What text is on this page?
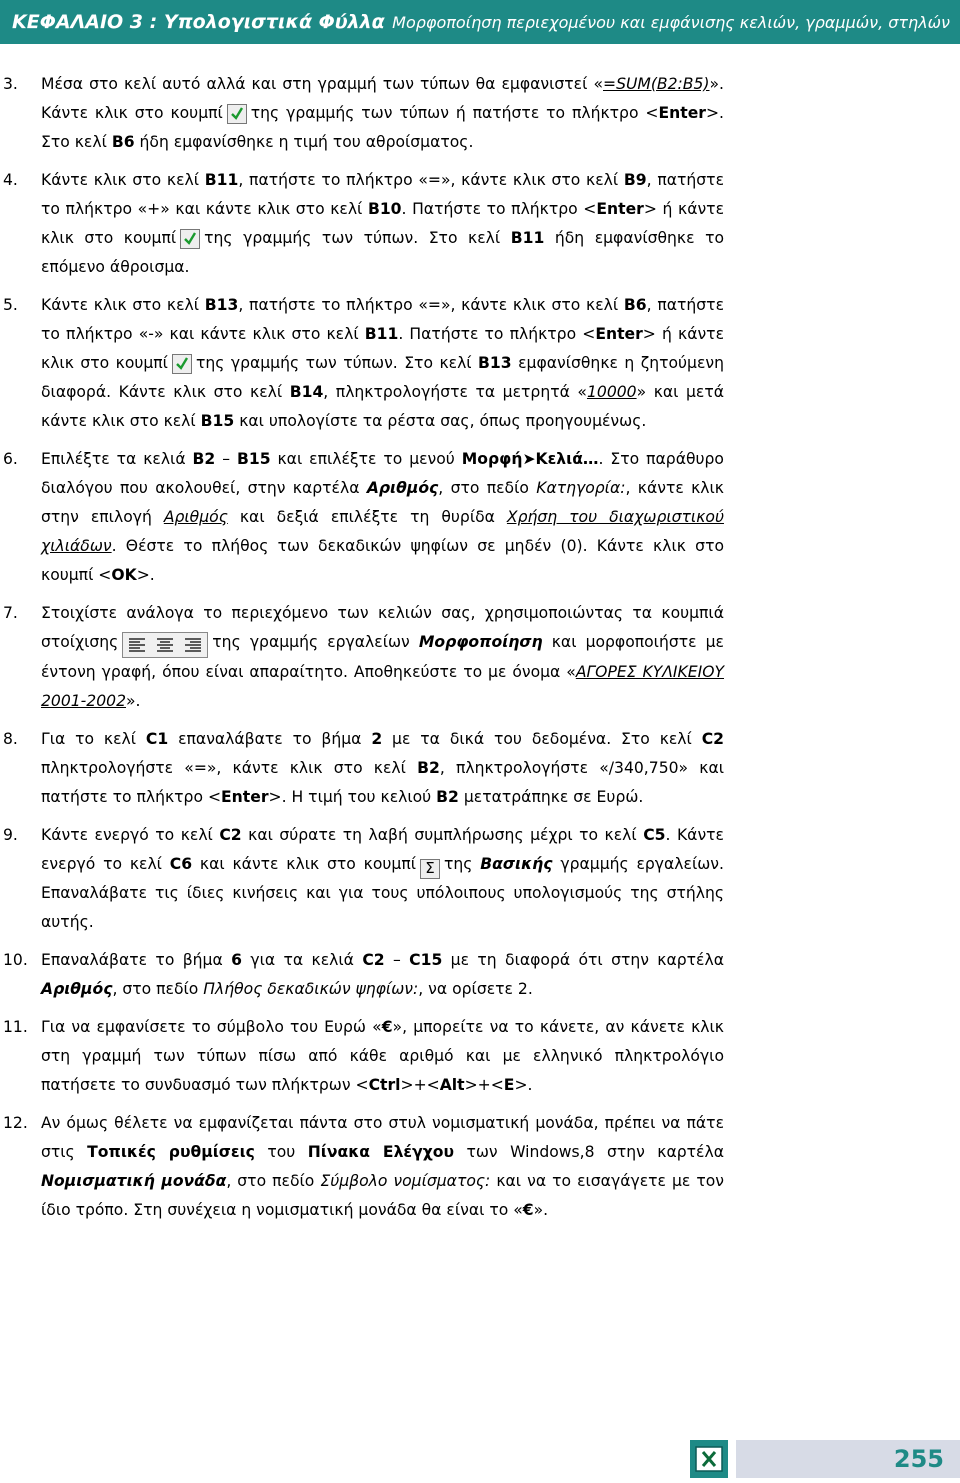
ΚΕΦΑΛΑΙΟ 3 : Υπολογιστικά Φύλλα Μορφοποίηση περιεχομένου και εμφάνισης κελιών, γραμμών, στηλών
3. Μέσα στο κελί αυτό αλλά και στη γραμμή των τύπων θα εμφανιστεί «=SUM(B2:B5)». Κάντε κλικ στο κουμπί της γραμμής των τύπων ή πατήστε το πλήκτρο <Enter>. Στο κελί B6 ήδη εμφανίσθηκε η τιμή του αθροίσματος.

4. Κάντε κλικ στο κελί B11, πατήστε το πλήκτρο «=», κάντε κλικ στο κελί B9, πατήστε το πλήκτρο «+» και κάντε κλικ στο κελί B10. Πατήστε το πλήκτρο <Enter> ή κάντε κλικ στο κουμπί της γραμμής των τύπων. Στο κελί B11 ήδη εμφανίσθηκε το επόμενο άθροισμα.

5. Κάντε κλικ στο κελί B13, πατήστε το πλήκτρο «=», κάντε κλικ στο κελί B6, πατήστε το πλήκτρο «-» και κάντε κλικ στο κελί B11. Πατήστε το πλήκτρο <Enter> ή κάντε κλικ στο κουμπί της γραμμής των τύπων. Στο κελί B13 εμφανίσθηκε η ζητούμενη διαφορά. Κάντε κλικ στο κελί B14, πληκτρολογήστε τα μετρητά «10000» και μετά κάντε κλικ στο κελί B15 και υπολογίστε τα ρέστα σας, όπως προηγουμένως.

6. Επιλέξτε τα κελιά B2 – B15 και επιλέξτε το μενού Μορφή➤Κελιά…. Στο παράθυρο διαλόγου που ακολουθεί, στην καρτέλα Αριθμός, στο πεδίο Κατηγορία:, κάντε κλικ στην επιλογή Αριθμός και δεξιά επιλέξτε τη θυρίδα Χρήση του διαχωριστικού χιλιάδων. Θέστε το πλήθος των δεκαδικών ψηφίων σε μηδέν (0). Κάντε κλικ στο κουμπί <OK>.

7. Στοιχίστε ανάλογα το περιεχόμενο των κελιών σας, χρησιμοποιώντας τα κουμπιά στοίχισης	της γραμμής εργαλείων Μορφοποίηση και μορφοποιήστε με έντονη γραφή, όπου είναι απαραίτητο. Αποθηκεύστε το με όνομα «ΑΓΟΡΕΣ ΚΥΛΙΚΕΙΟΥ 2001-2002».

8. Για το κελί C1 επαναλάβατε το βήμα 2 με τα δικά του δεδομένα. Στο κελί C2 πληκτρολογήστε «=», κάντε κλικ στο κελί B2, πληκτρολογήστε «/340,750» και πατήστε το πλήκτρο <Enter>. Η τιμή του κελιού B2 μετατράπηκε σε Ευρώ.

9. Κάντε ενεργό το κελί C2 και σύρατε τη λαβή συμπλήρωσης μέχρι το κελί C5. Κάντε ενεργό το κελί C6 και κάντε κλικ στο κουμπί Σ της Βασικής γραμμής εργαλείων. Επαναλάβατε τις ίδιες κινήσεις και για τους υπόλοιπους υπολογισμούς της στήλης αυτής.

10. Επαναλάβατε το βήμα 6 για τα κελιά C2 – C15 με τη διαφορά ότι στην καρτέλα Αριθμός, στο πεδίο Πλήθος δεκαδικών ψηφίων:, να ορίσετε 2.

11. Για να εμφανίσετε το σύμβολο του Ευρώ «€», μπορείτε να το κάνετε, αν κάνετε κλικ στη γραμμή των τύπων πίσω από κάθε αριθμό και με ελληνικό πληκτρολόγιο πατήσετε το συνδυασμό των πλήκτρων <Ctrl>+<Alt>+<E>.

12. Αν όμως θέλετε να εμφανίζεται πάντα στο στυλ νομισματική μονάδα, πρέπει να πάτε στις Τοπικές ρυθμίσεις του Πίνακα Ελέγχου των Windows,8 στην καρτέλα Νομισματική μονάδα, στο πεδίο Σύμβολο νομίσματος: και να το εισαγάγετε με τον ίδιο τρόπο. Στη συνέχεια η νομισματική μονάδα θα είναι το «€».

255
